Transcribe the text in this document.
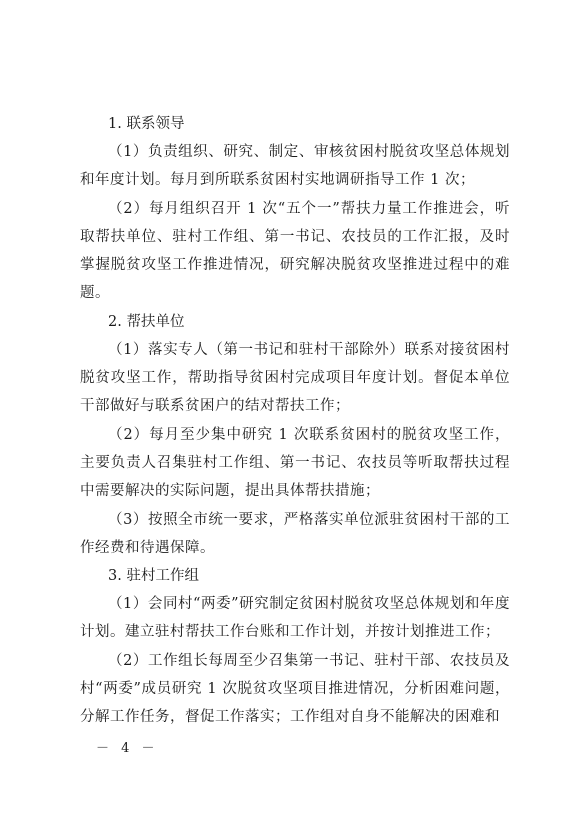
1. 联系领导
（1）负责组织、研究、制定、审核贫困村脱贫攻坚总体规划和年度计划。每月到所联系贫困村实地调研指导工作 1 次；
（2）每月组织召开 1 次“五个一”帮扶力量工作推进会，听取帮扶单位、驻村工作组、第一书记、农技员的工作汇报，及时掌握脱贫攻坚工作推进情况，研究解决脱贫攻坚推进过程中的难题。
2. 帮扶单位
（1）落实专人（第一书记和驻村干部除外）联系对接贫困村脱贫攻坚工作，帮助指导贫困村完成项目年度计划。督促本单位干部做好与联系贫困户的结对帮扶工作；
（2）每月至少集中研究 1 次联系贫困村的脱贫攻坚工作，主要负责人召集驻村工作组、第一书记、农技员等听取帮扶过程中需要解决的实际问题，提出具体帮扶措施；
（3）按照全市统一要求，严格落实单位派驻贫困村干部的工作经费和待遇保障。
3. 驻村工作组
（1）会同村“两委”研究制定贫困村脱贫攻坚总体规划和年度计划。建立驻村帮扶工作台账和工作计划，并按计划推进工作；
（2）工作组长每周至少召集第一书记、驻村干部、农技员及村“两委”成员研究 1 次脱贫攻坚项目推进情况，分析困难问题，分解工作任务，督促工作落实；工作组对自身不能解决的困难和
－ 4 －
